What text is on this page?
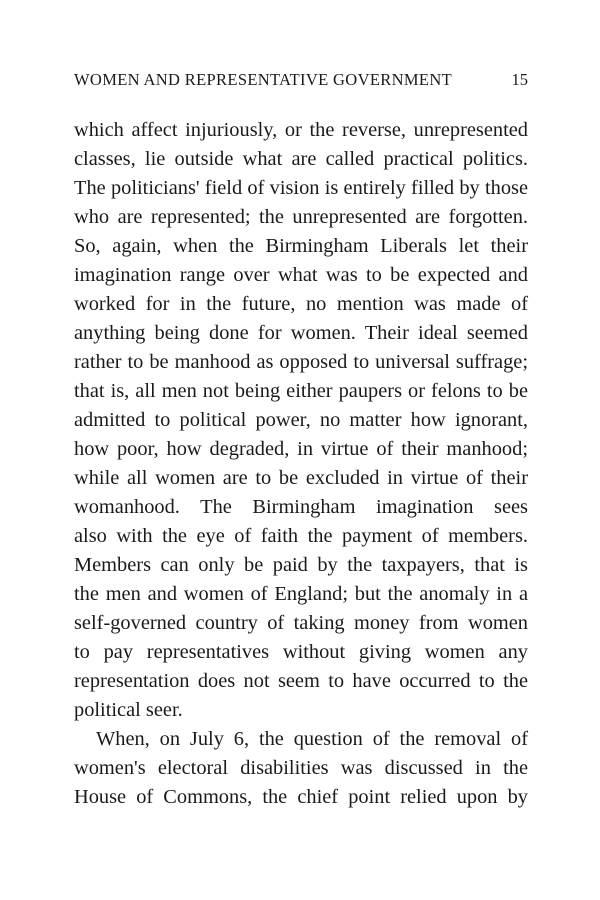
WOMEN AND REPRESENTATIVE GOVERNMENT	15
which affect injuriously, or the reverse, unrepresented
classes, lie outside what are called practical politics.
The politicians' field of vision is entirely filled by those
who are represented; the unrepresented are forgotten.
So, again, when the Birmingham Liberals let their
imagination range over what was to be expected and
worked for in the future, no mention was made of
anything being done for women. Their ideal seemed
rather to be manhood as opposed to universal suffrage;
that is, all men not being either paupers or felons to be
admitted to political power, no matter how ignorant,
how poor, how degraded, in virtue of their manhood;
while all women are to be excluded in virtue of their
womanhood. The Birmingham imagination sees
also with the eye of faith the payment of members.
Members can only be paid by the taxpayers, that is
the men and women of England; but the anomaly in a
self-governed country of taking money from women
to pay representatives without giving women any
representation does not seem to have occurred to the
political seer.
When, on July 6, the question of the removal of
women's electoral disabilities was discussed in the
House of Commons, the chief point relied upon by
